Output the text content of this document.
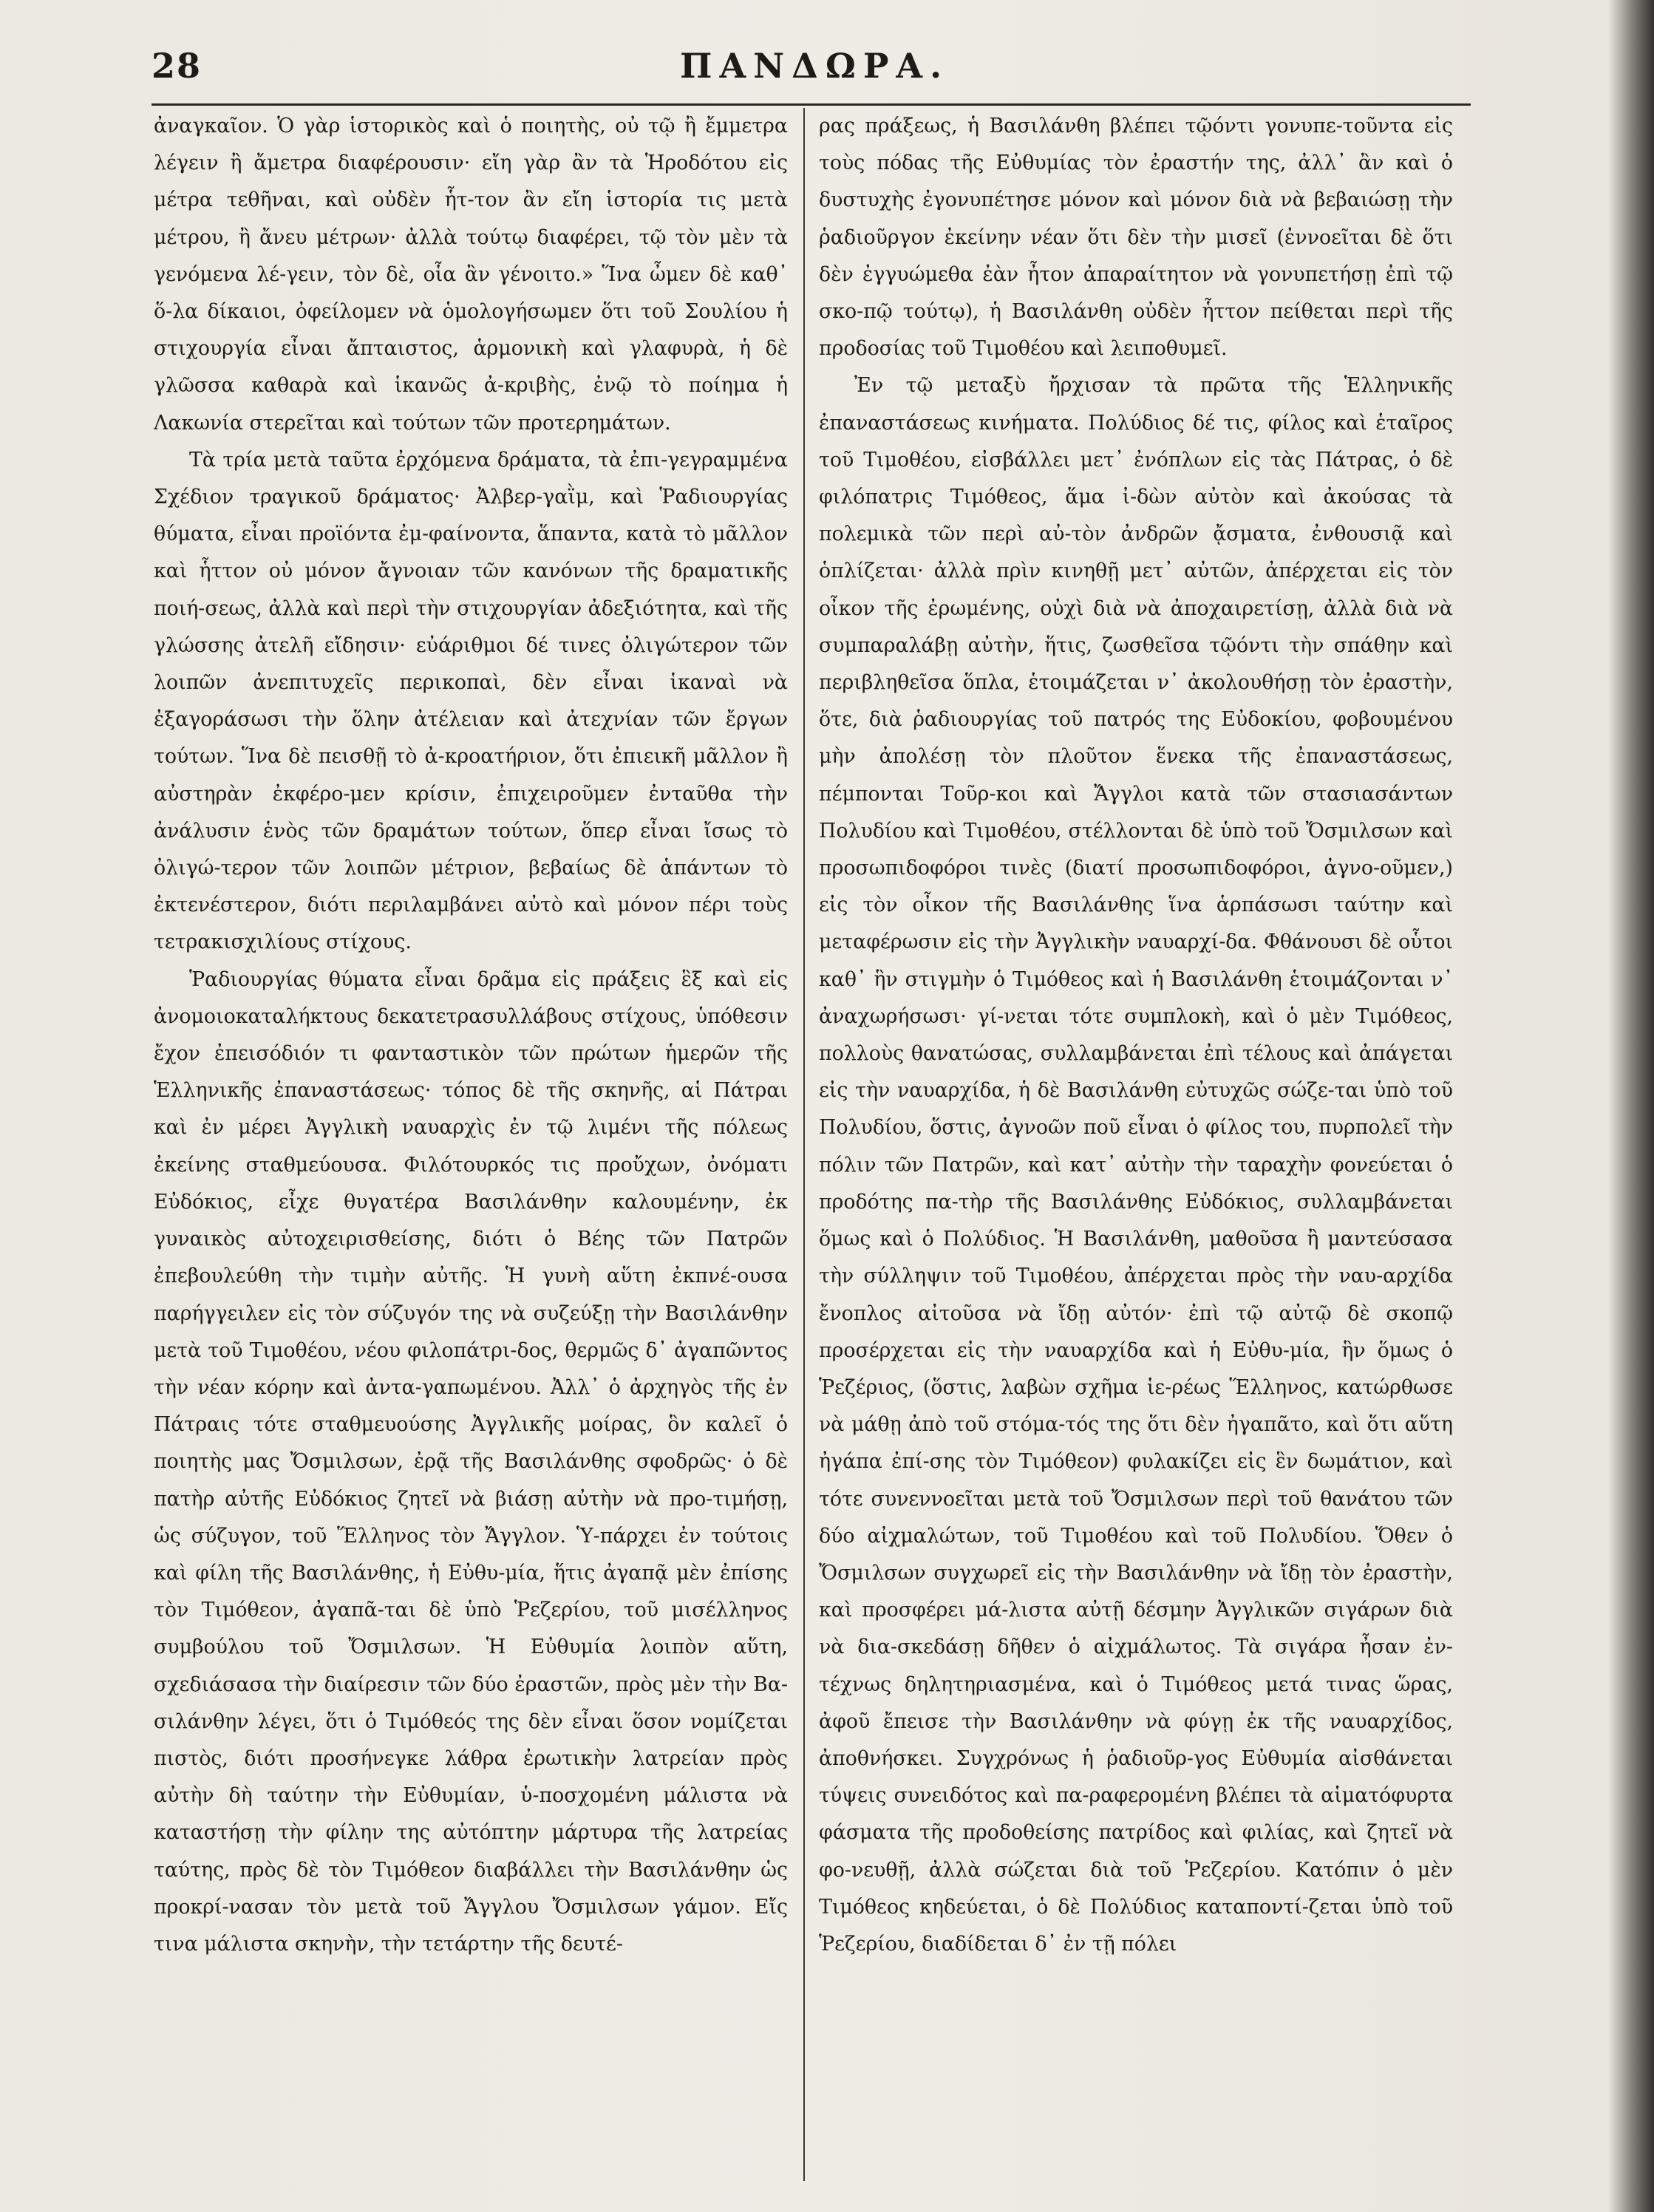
28	ΠΑΝΔΩΡΑ.

ἀναγκαῖον. Ὁ γὰρ ἱστορικὸς καὶ ὁ ποιητὴς, οὐ τῷ ἢ ἔμμετρα λέγειν ἢ ἄμετρα διαφέρουσιν· εἴη γὰρ ἂν τὰ Ἡροδότου εἰς μέτρα τεθῆναι, καὶ οὐδὲν ἧτ-τον ἂν εἴη ἱστορία τις μετὰ μέτρου, ἢ ἄνευ μέτρων· ἀλλὰ τούτῳ διαφέρει, τῷ τὸν μὲν τὰ γενόμενα λέ-γειν, τὸν δὲ, οἷα ἂν γένοιτο.» Ἵνα ὦμεν δὲ καθ᾽ ὅ-λα δίκαιοι, ὀφείλομεν νὰ ὁμολογήσωμεν ὅτι τοῦ Σουλίου ἡ στιχουργία εἶναι ἄπταιστος, ἁρμονικὴ καὶ γλαφυρὰ, ἡ δὲ γλῶσσα καθαρὰ καὶ ἱκανῶς ἀ-κριβὴς, ἐνῷ τὸ ποίημα ἡ Λακωνία στερεῖται καὶ τούτων τῶν προτερημάτων.

Τὰ τρία μετὰ ταῦτα ἐρχόμενα δράματα, τὰ ἐπι-γεγραμμένα Σχέδιον τραγικοῦ δράματος· Ἀλβερ-γαῒμ, καὶ Ῥαδιουργίας θύματα, εἶναι προϊόντα ἐμ-φαίνοντα, ἅπαντα, κατὰ τὸ μᾶλλον καὶ ἧττον οὐ μόνον ἄγνοιαν τῶν κανόνων τῆς δραματικῆς ποιή-σεως, ἀλλὰ καὶ περὶ τὴν στιχουργίαν ἀδεξιότητα, καὶ τῆς γλώσσης ἀτελῆ εἴδησιν· εὐάριθμοι δέ τινες ὀλιγώτερον τῶν λοιπῶν ἀνεπιτυχεῖς περικοπαὶ, δὲν εἶναι ἱκαναὶ νὰ ἐξαγοράσωσι τὴν ὅλην ἀτέλειαν καὶ ἀτεχνίαν τῶν ἔργων τούτων. Ἵνα δὲ πεισθῇ τὸ ἀ-κροατήριον, ὅτι ἐπιεικῆ μᾶλλον ἢ αὐστηρὰν ἐκφέρο-μεν κρίσιν, ἐπιχειροῦμεν ἐνταῦθα τὴν ἀνάλυσιν ἑνὸς τῶν δραμάτων τούτων, ὅπερ εἶναι ἴσως τὸ ὀλιγώ-τερον τῶν λοιπῶν μέτριον, βεβαίως δὲ ἁπάντων τὸ ἐκτενέστερον, διότι περιλαμβάνει αὐτὸ καὶ μόνον πέρι τοὺς τετρακισχιλίους στίχους.

Ῥαδιουργίας θύματα εἶναι δρᾶμα εἰς πράξεις ἓξ καὶ εἰς ἀνομοιοκαταλήκτους δεκατετρασυλλάβους στίχους, ὑπόθεσιν ἔχον ἐπεισόδιόν τι φανταστικὸν τῶν πρώτων ἡμερῶν τῆς Ἑλληνικῆς ἐπαναστάσεως· τόπος δὲ τῆς σκηνῆς, αἱ Πάτραι καὶ ἐν μέρει Ἀγγλικὴ ναυαρχὶς ἐν τῷ λιμένι τῆς πόλεως ἐκείνης σταθμεύουσα. Φιλότουρκός τις προὔχων, ὀνόματι Εὐδόκιος, εἶχε θυγατέρα Βασιλάνθην καλουμένην, ἐκ γυναικὸς αὐτοχειρισθείσης, διότι ὁ Βέης τῶν Πατρῶν ἐπεβουλεύθη τὴν τιμὴν αὐτῆς. Ἡ γυνὴ αὕτη ἐκπνέ-ουσα παρήγγειλεν εἰς τὸν σύζυγόν της νὰ συζεύξῃ τὴν Βασιλάνθην μετὰ τοῦ Τιμοθέου, νέου φιλοπάτρι-δος, θερμῶς δ᾽ ἀγαπῶντος τὴν νέαν κόρην καὶ ἀντα-γαπωμένου. Ἀλλ᾽ ὁ ἀρχηγὸς τῆς ἐν Πάτραις τότε σταθμευούσης Ἀγγλικῆς μοίρας, ὃν καλεῖ ὁ ποιητὴς μας Ὄσμιλσων, ἐρᾷ τῆς Βασιλάνθης σφοδρῶς· ὁ δὲ πατὴρ αὐτῆς Εὐδόκιος ζητεῖ νὰ βιάσῃ αὐτὴν νὰ προ-τιμήσῃ, ὡς σύζυγον, τοῦ Ἕλληνος τὸν Ἄγγλον. Ὑ-πάρχει ἐν τούτοις καὶ φίλη τῆς Βασιλάνθης, ἡ Εὐθυ-μία, ἥτις ἀγαπᾷ μὲν ἐπίσης τὸν Τιμόθεον, ἀγαπᾶ-ται δὲ ὑπὸ Ῥεζερίου, τοῦ μισέλληνος συμβούλου τοῦ Ὄσμιλσων. Ἡ Εὐθυμία λοιπὸν αὕτη, σχεδιάσασα τὴν διαίρεσιν τῶν δύο ἐραστῶν, πρὸς μὲν τὴν Βα-σιλάνθην λέγει, ὅτι ὁ Τιμόθεός της δὲν εἶναι ὅσον νομίζεται πιστὸς, διότι προσήνεγκε λάθρα ἐρωτικὴν λατρείαν πρὸς αὐτὴν δὴ ταύτην τὴν Εὐθυμίαν, ὑ-ποσχομένη μάλιστα νὰ καταστήσῃ τὴν φίλην της αὐτόπτην μάρτυρα τῆς λατρείας ταύτης, πρὸς δὲ τὸν Τιμόθεον διαβάλλει τὴν Βασιλάνθην ὡς προκρί-νασαν τὸν μετὰ τοῦ Ἄγγλου Ὄσμιλσων γάμον. Εἴς τινα μάλιστα σκηνὴν, τὴν τετάρτην τῆς δευτέ-

ρας πράξεως, ἡ Βασιλάνθη βλέπει τῷόντι γονυπε-τοῦντα εἰς τοὺς πόδας τῆς Εὐθυμίας τὸν ἐραστήν της, ἀλλ᾽ ἂν καὶ ὁ δυστυχὴς ἐγονυπέτησε μόνον καὶ μόνον διὰ νὰ βεβαιώσῃ τὴν ῥαδιοῦργον ἐκείνην νέαν ὅτι δὲν τὴν μισεῖ (ἐννοεῖται δὲ ὅτι δὲν ἐγγυώμεθα ἐὰν ἦτον ἀπαραίτητον νὰ γονυπετήσῃ ἐπὶ τῷ σκο-πῷ τούτῳ), ἡ Βασιλάνθη οὐδὲν ἧττον πείθεται περὶ τῆς προδοσίας τοῦ Τιμοθέου καὶ λειποθυμεῖ.

Ἐν τῷ μεταξὺ ἤρχισαν τὰ πρῶτα τῆς Ἑλληνικῆς ἐπαναστάσεως κινήματα. Πολύδιος δέ τις, φίλος καὶ ἑταῖρος τοῦ Τιμοθέου, εἰσβάλλει μετ᾽ ἐνόπλων εἰς τὰς Πάτρας, ὁ δὲ φιλόπατρις Τιμόθεος, ἅμα ἰ-δὼν αὐτὸν καὶ ἀκούσας τὰ πολεμικὰ τῶν περὶ αὐ-τὸν ἀνδρῶν ᾄσματα, ἐνθουσιᾷ καὶ ὁπλίζεται· ἀλλὰ πρὶν κινηθῇ μετ᾽ αὐτῶν, ἀπέρχεται εἰς τὸν οἶκον τῆς ἐρωμένης, οὐχὶ διὰ νὰ ἀποχαιρετίσῃ, ἀλλὰ διὰ νὰ συμπαραλάβῃ αὐτὴν, ἥτις, ζωσθεῖσα τῷόντι τὴν σπάθην καὶ περιβληθεῖσα ὅπλα, ἑτοιμάζεται ν᾽ ἀκολουθήσῃ τὸν ἐραστὴν, ὅτε, διὰ ῥαδιουργίας τοῦ πατρός της Εὐδοκίου, φοβουμένου μὴν ἀπολέσῃ τὸν πλοῦτον ἕνεκα τῆς ἐπαναστάσεως, πέμπονται Τοῦρ-κοι καὶ Ἄγγλοι κατὰ τῶν στασιασάντων Πολυδίου καὶ Τιμοθέου, στέλλονται δὲ ὑπὸ τοῦ Ὄσμιλσων καὶ προσωπιδοφόροι τινὲς (διατί προσωπιδοφόροι, ἀγνο-οῦμεν,) εἰς τὸν οἶκον τῆς Βασιλάνθης ἵνα ἁρπάσωσι ταύτην καὶ μεταφέρωσιν εἰς τὴν Ἀγγλικὴν ναυαρχί-δα. Φθάνουσι δὲ οὗτοι καθ᾽ ἣν στιγμὴν ὁ Τιμόθεος καὶ ἡ Βασιλάνθη ἑτοιμάζονται ν᾽ ἀναχωρήσωσι· γί-νεται τότε συμπλοκὴ, καὶ ὁ μὲν Τιμόθεος, πολλοὺς θανατώσας, συλλαμβάνεται ἐπὶ τέλους καὶ ἀπάγεται εἰς τὴν ναυαρχίδα, ἡ δὲ Βασιλάνθη εὐτυχῶς σώζε-ται ὑπὸ τοῦ Πολυδίου, ὅστις, ἀγνοῶν ποῦ εἶναι ὁ φίλος του, πυρπολεῖ τὴν πόλιν τῶν Πατρῶν, καὶ κατ᾽ αὐτὴν τὴν ταραχὴν φονεύεται ὁ προδότης πα-τὴρ τῆς Βασιλάνθης Εὐδόκιος, συλλαμβάνεται ὅμως καὶ ὁ Πολύδιος. Ἡ Βασιλάνθη, μαθοῦσα ἢ μαντεύσασα τὴν σύλληψιν τοῦ Τιμοθέου, ἀπέρχεται πρὸς τὴν ναυ-αρχίδα ἔνοπλος αἰτοῦσα νὰ ἴδῃ αὐτόν· ἐπὶ τῷ αὐτῷ δὲ σκοπῷ προσέρχεται εἰς τὴν ναυαρχίδα καὶ ἡ Εὐθυ-μία, ἣν ὅμως ὁ Ῥεζέριος, (ὅστις, λαβὼν σχῆμα ἱε-ρέως Ἕλληνος, κατώρθωσε νὰ μάθῃ ἀπὸ τοῦ στόμα-τός της ὅτι δὲν ἠγαπᾶτο, καὶ ὅτι αὕτη ἠγάπα ἐπί-σης τὸν Τιμόθεον) φυλακίζει εἰς ἓν δωμάτιον, καὶ τότε συνεννοεῖται μετὰ τοῦ Ὄσμιλσων περὶ τοῦ θανάτου τῶν δύο αἰχμαλώτων, τοῦ Τιμοθέου καὶ τοῦ Πολυδίου. Ὅθεν ὁ Ὄσμιλσων συγχωρεῖ εἰς τὴν Βασιλάνθην νὰ ἴδῃ τὸν ἐραστὴν, καὶ προσφέρει μά-λιστα αὐτῇ δέσμην Ἀγγλικῶν σιγάρων διὰ νὰ δια-σκεδάσῃ δῆθεν ὁ αἰχμάλωτος. Τὰ σιγάρα ἦσαν ἐν-τέχνως δηλητηριασμένα, καὶ ὁ Τιμόθεος μετά τινας ὥρας, ἀφοῦ ἔπεισε τὴν Βασιλάνθην νὰ φύγῃ ἐκ τῆς ναυαρχίδος, ἀποθνήσκει. Συγχρόνως ἡ ῥαδιοῦρ-γος Εὐθυμία αἰσθάνεται τύψεις συνειδότος καὶ πα-ραφερομένη βλέπει τὰ αἱματόφυρτα φάσματα τῆς προδοθείσης πατρίδος καὶ φιλίας, καὶ ζητεῖ νὰ φο-νευθῇ, ἀλλὰ σώζεται διὰ τοῦ Ῥεζερίου. Κατόπιν ὁ μὲν Τιμόθεος κηδεύεται, ὁ δὲ Πολύδιος καταποντί-ζεται ὑπὸ τοῦ Ῥεζερίου, διαδίδεται δ᾽ ἐν τῇ πόλει
